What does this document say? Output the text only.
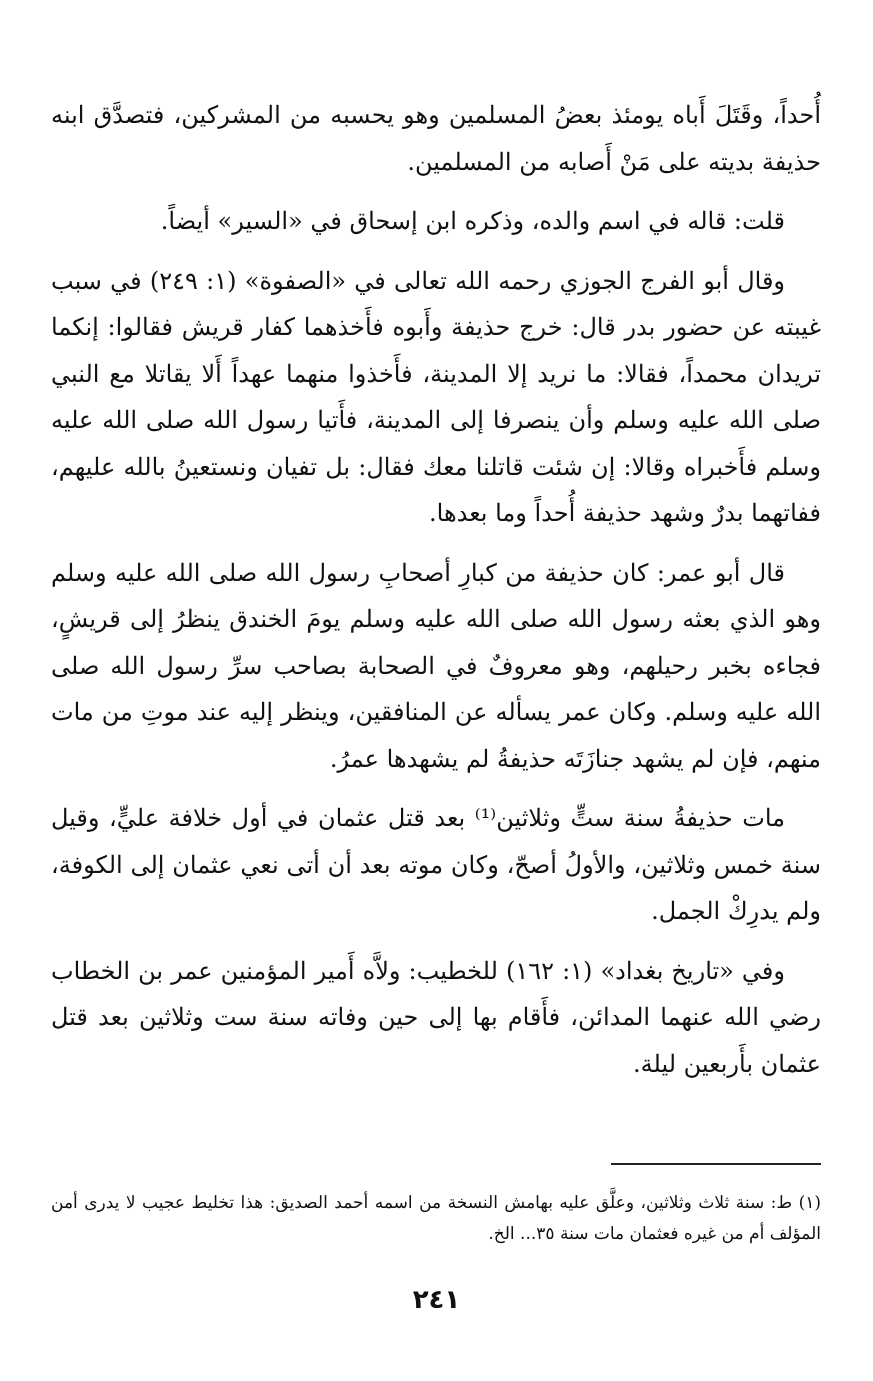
أُحداً، وقَتَلَ أَباه يومئذ بعضُ المسلمين وهو يحسبه من المشركين، فتصدَّق ابنه حذيفة بديته على مَنْ أَصابه من المسلمين.

قلت: قاله في اسم والده، وذكره ابن إسحاق في «السير» أيضاً.

وقال أبو الفرج الجوزي رحمه الله تعالى في «الصفوة» (١: ٢٤٩) في سبب غيبته عن حضور بدر قال: خرج حذيفة وأَبوه فأَخذهما كفار قريش فقالوا: إنكما تريدان محمداً، فقالا: ما نريد إلا المدينة، فأَخذوا منهما عهداً أَلا يقاتلا مع النبي صلى الله عليه وسلم وأن ينصرفا إلى المدينة، فأَتيا رسول الله صلى الله عليه وسلم فأَخبراه وقالا: إن شئت قاتلنا معك فقال: بل تفيان ونستعينُ بالله عليهم، ففاتهما بدرٌ وشهد حذيفة أُحداً وما بعدها.

قال أبو عمر: كان حذيفة من كبارِ أصحابِ رسول الله صلى الله عليه وسلم وهو الذي بعثه رسول الله صلى الله عليه وسلم يومَ الخندق ينظرُ إلى قريشٍ، فجاءه بخبر رحيلهم، وهو معروفٌ في الصحابة بصاحب سرِّ رسول الله صلى الله عليه وسلم. وكان عمر يسأله عن المنافقين، وينظر إليه عند موتِ من مات منهم، فإن لم يشهد جنازَتَه حذيفةُ لم يشهدها عمرُ.

مات حذيفةُ سنة ستٍّ وثلاثين⁽¹⁾ بعد قتل عثمان في أول خلافة عليٍّ، وقيل سنة خمس وثلاثين، والأولُ أصحّ، وكان موته بعد أن أتى نعي عثمان إلى الكوفة، ولم يدرِكْ الجمل.

وفي «تاريخ بغداد» (١: ١٦٢) للخطيب: ولاَّه أَمير المؤمنين عمر بن الخطاب رضي الله عنهما المدائن، فأَقام بها إلى حين وفاته سنة ست وثلاثين بعد قتل عثمان بأَربعين ليلة.

(١) ط: سنة ثلاث وثلاثين، وعلَّق عليه بهامش النسخة من اسمه أحمد الصديق: هذا تخليط عجيب لا يدرى أمن المؤلف أم من غيره فعثمان مات سنة ٣٥... الخ.
٢٤١
